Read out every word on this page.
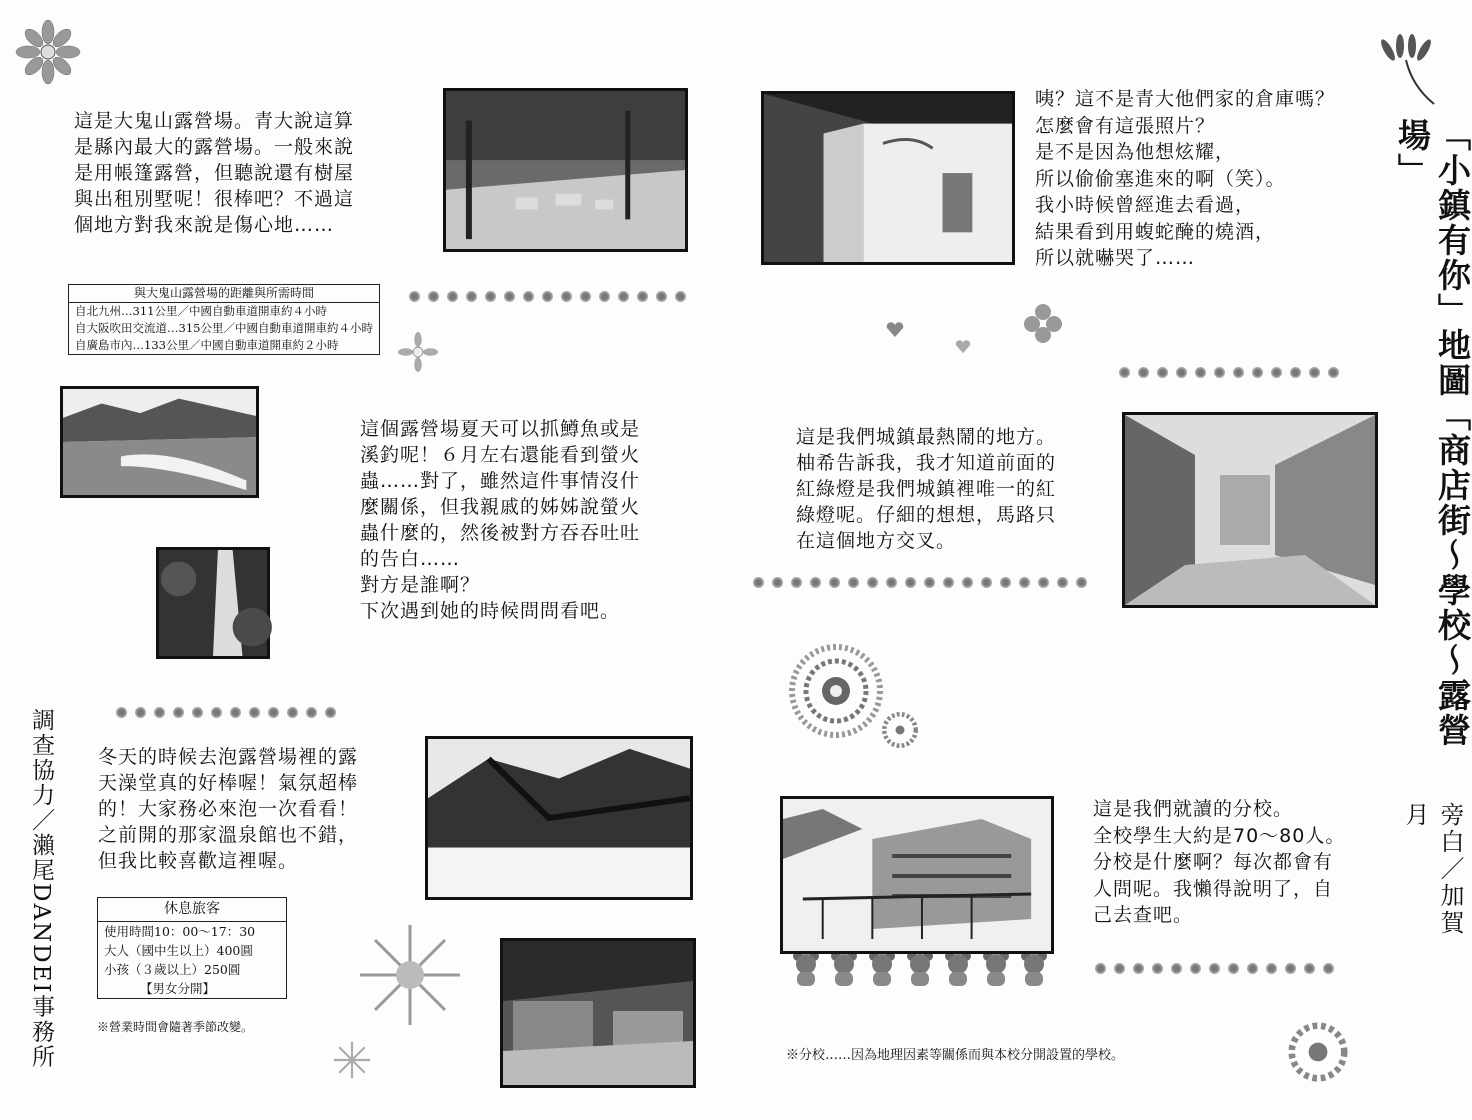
這是大鬼山露營場。青大說這算
是縣內最大的露營場。一般來說
是用帳篷露營，但聽說還有樹屋
與出租別墅呢！很棒吧？不過這
個地方對我來說是傷心地……
與大鬼山露營場的距離與所需時間
自北九州…311公里／中國自動車道開車約４小時
自大阪吹田交流道…315公里／中國自動車道開車約４小時
自廣島市內…133公里／中國自動車道開車約２小時
這個露營場夏天可以抓鱒魚或是
溪釣呢！６月左右還能看到螢火
蟲……對了，雖然這件事情沒什
麼關係，但我親戚的姊姊說螢火
蟲什麼的，然後被對方吞吞吐吐
的告白……
對方是誰啊？
下次遇到她的時候問問看吧。
冬天的時候去泡露營場裡的露
天澡堂真的好棒喔！氣氛超棒
的！大家務必來泡一次看看！
之前開的那家溫泉館也不錯，
但我比較喜歡這裡喔。
休息旅客
使用時間10：00～17：30
大人（國中生以上）400圓
小孩（３歲以上）250圓
【男女分開】
※營業時間會隨著季節改變。
調查協力／瀨尾DANDEI事務所
咦？這不是青大他們家的倉庫嗎？
怎麼會有這張照片？
是不是因為他想炫耀，
所以偷偷塞進來的啊（笑）。
我小時候曾經進去看過，
結果看到用蝮蛇醃的燒酒，
所以就嚇哭了……
這是我們城鎮最熱鬧的地方。
柚希告訴我，我才知道前面的
紅綠燈是我們城鎮裡唯一的紅
綠燈呢。仔細的想想，馬路只
在這個地方交叉。
這是我們就讀的分校。
全校學生大約是70～80人。
分校是什麼啊？每次都會有
人問呢。我懶得說明了，自
己去查吧。
※分校……因為地理因素等關係而與本校分開設置的學校。
「小鎮有你」地圖「商店街～學校～露營場」
旁白／加賀月
